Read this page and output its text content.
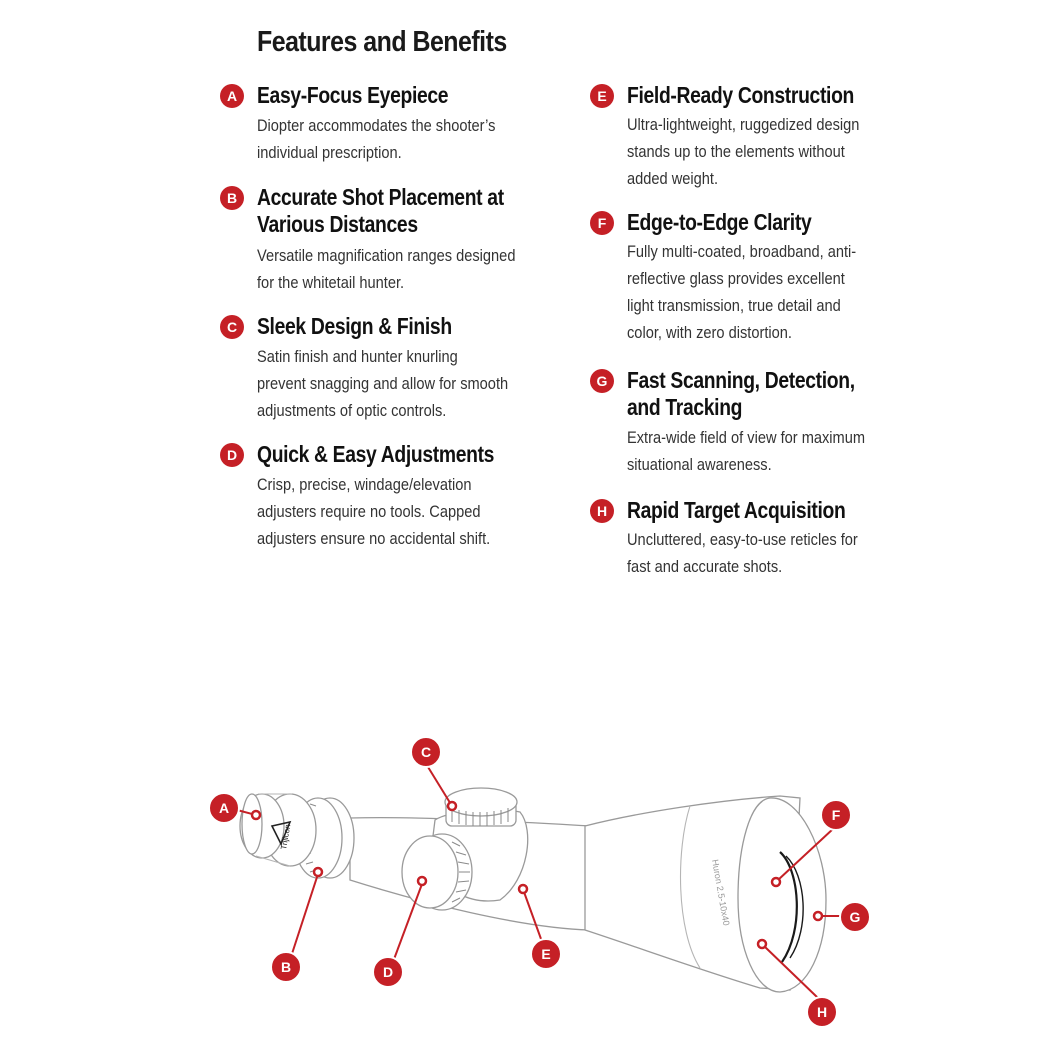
Features and Benefits
A Easy-Focus Eyepiece

Diopter accommodates the shooter’s
individual prescription.

B Accurate Shot Placement at
Various Distances

Versatile magnification ranges designed
for the whitetail hunter.

C Sleek Design & Finish

Satin finish and hunter knurling
prevent snagging and allow for smooth
adjustments of optic controls.

D Quick & Easy Adjustments

Crisp, precise, windage/elevation
adjusters require no tools. Capped
adjusters ensure no accidental shift.

E Field-Ready Construction

Ultra-lightweight, ruggedized design
stands up to the elements without
added weight.

F Edge-to-Edge Clarity

Fully multi-coated, broadband, anti-
reflective glass provides excellent
light transmission, true detail and
color, with zero distortion.

G Fast Scanning, Detection,
and Tracking

Extra-wide field of view for maximum
situational awareness.

H Rapid Target Acquisition

Uncluttered, easy-to-use reticles for
fast and accurate shots.

Huron 2.5-10x40
Trijicon
A
B
C
D
E
F
G
H
